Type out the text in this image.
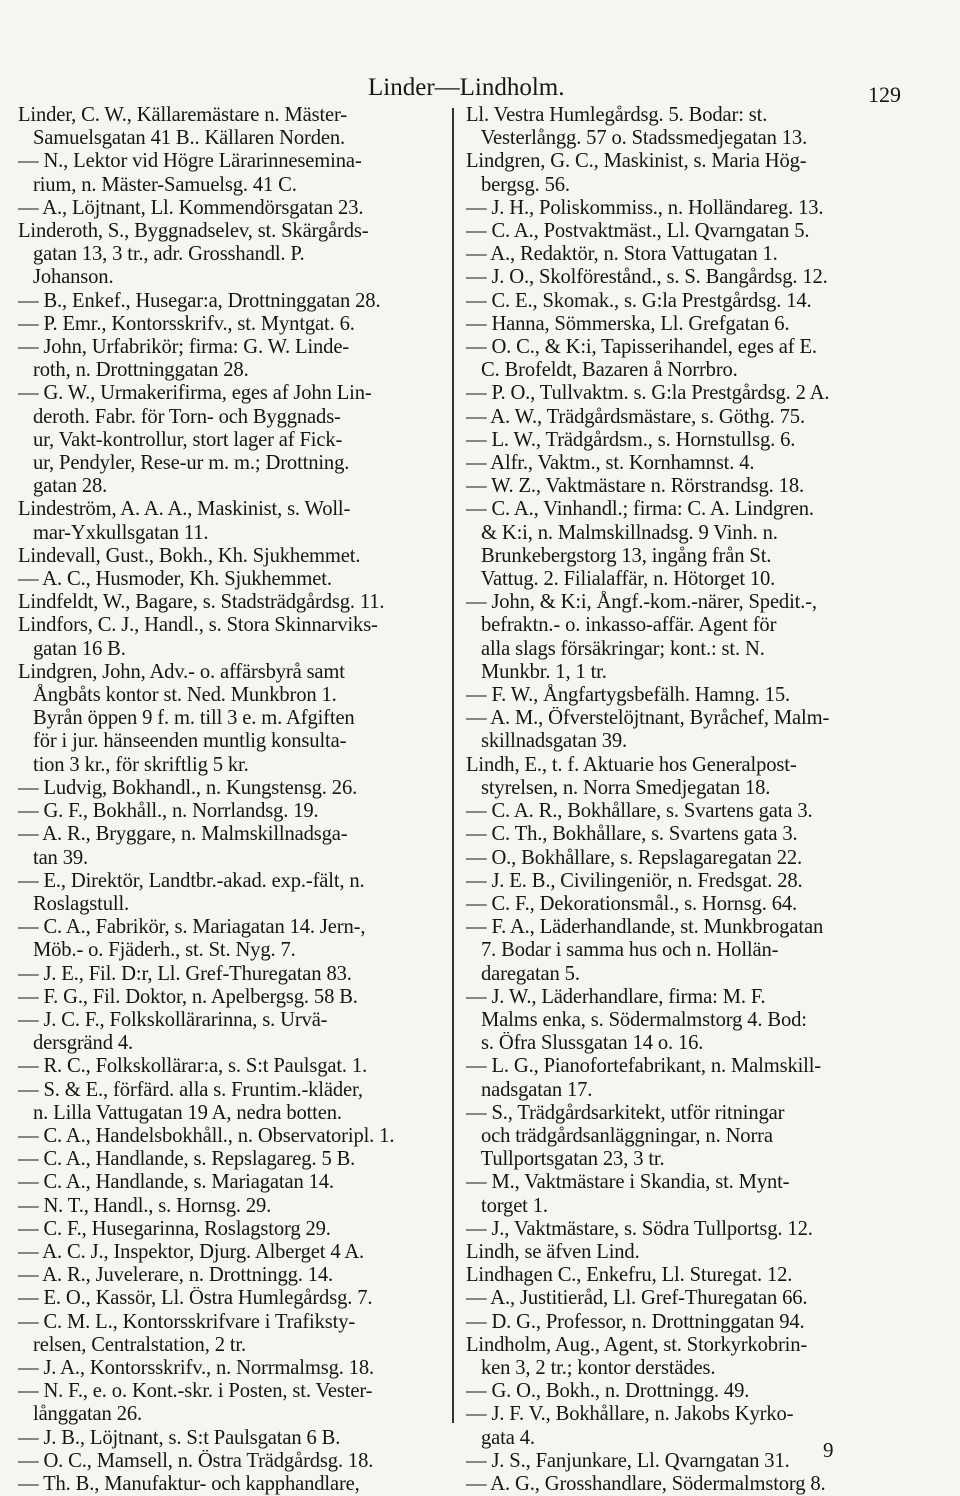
Linder—Lindholm.	129
Linder, C. W., Källaremästare n. Mäster-
Samuelsgatan 41 B.. Källaren Norden.
— N., Lektor vid Högre Lärarinnesemina-
rium, n. Mäster-Samuelsg. 41 C.
— A., Löjtnant, Ll. Kommendörsgatan 23.
Linderoth, S., Byggnadselev, st. Skärgårds-
gatan 13, 3 tr., adr. Grosshandl. P.
Johanson.
— B., Enkef., Husegar:a, Drottninggatan 28.
— P. Emr., Kontorsskrifv., st. Myntgat. 6.
— John, Urfabrikör; firma: G. W. Linde-
roth, n. Drottninggatan 28.
— G. W., Urmakerifirma, eges af John Lin-
deroth. Fabr. för Torn- och Byggnads-
ur, Vakt-kontrollur, stort lager af Fick-
ur, Pendyler, Rese-ur m. m.; Drottning.
gatan 28.
Lindeström, A. A. A., Maskinist, s. Woll-
mar-Yxkullsgatan 11.
Lindevall, Gust., Bokh., Kh. Sjukhemmet.
— A. C., Husmoder, Kh. Sjukhemmet.
Lindfeldt, W., Bagare, s. Stadsträdgårdsg. 11.
Lindfors, C. J., Handl., s. Stora Skinnarviks-
gatan 16 B.
Lindgren, John, Adv.- o. affärsbyrå samt
Ångbåts kontor st. Ned. Munkbron 1.
Byrån öppen 9 f. m. till 3 e. m. Afgiften
för i jur. hänseenden muntlig konsulta-
tion 3 kr., för skriftlig 5 kr.
— Ludvig, Bokhandl., n. Kungstensg. 26.
— G. F., Bokhåll., n. Norrlandsg. 19.
— A. R., Bryggare, n. Malmskillnadsga-
tan 39.
— E., Direktör, Landtbr.-akad. exp.-fält, n.
Roslagstull.
— C. A., Fabrikör, s. Mariagatan 14. Jern-,
Möb.- o. Fjäderh., st. St. Nyg. 7.
— J. E., Fil. D:r, Ll. Gref-Thuregatan 83.
— F. G., Fil. Doktor, n. Apelbergsg. 58 B.
— J. C. F., Folkskollärarinna, s. Urvä-
dersgränd 4.
— R. C., Folkskollärar:a, s. S:t Paulsgat. 1.
— S. & E., förfärd. alla s. Fruntim.-kläder,
n. Lilla Vattugatan 19 A, nedra botten.
— C. A., Handelsbokhåll., n. Observatoripl. 1.
— C. A., Handlande, s. Repslagareg. 5 B.
— C. A., Handlande, s. Mariagatan 14.
— N. T., Handl., s. Hornsg. 29.
— C. F., Husegarinna, Roslagstorg 29.
— A. C. J., Inspektor, Djurg. Alberget 4 A.
— A. R., Juvelerare, n. Drottningg. 14.
— E. O., Kassör, Ll. Östra Humlegårdsg. 7.
— C. M. L., Kontorsskrifvare i Trafiksty-
relsen, Centralstation, 2 tr.
— J. A., Kontorsskrifv., n. Norrmalmsg. 18.
— N. F., e. o. Kont.-skr. i Posten, st. Vester-
långgatan 26.
— J. B., Löjtnant, s. S:t Paulsgatan 6 B.
— O. C., Mamsell, n. Östra Trädgårdsg. 18.
— Th. B., Manufaktur- och kapphandlare,
Ll. Vestra Humlegårdsg. 5. Bodar: st.
Vesterlångg. 57 o. Stadssmedjegatan 13.
Lindgren, G. C., Maskinist, s. Maria Hög-
bergsg. 56.
— J. H., Poliskommiss., n. Holländareg. 13.
— C. A., Postvaktmäst., Ll. Qvarngatan 5.
— A., Redaktör, n. Stora Vattugatan 1.
— J. O., Skolförestånd., s. S. Bangårdsg. 12.
— C. E., Skomak., s. G:la Prestgårdsg. 14.
— Hanna, Sömmerska, Ll. Grefgatan 6.
— O. C., & K:i, Tapisserihandel, eges af E.
C. Brofeldt, Bazaren å Norrbro.
— P. O., Tullvaktm. s. G:la Prestgårdsg. 2 A.
— A. W., Trädgårdsmästare, s. Göthg. 75.
— L. W., Trädgårdsm., s. Hornstullsg. 6.
— Alfr., Vaktm., st. Kornhamnst. 4.
— W. Z., Vaktmästare n. Rörstrandsg. 18.
— C. A., Vinhandl.; firma: C. A. Lindgren.
& K:i, n. Malmskillnadsg. 9 Vinh. n.
Brunkebergstorg 13, ingång från St.
Vattug. 2. Filialaffär, n. Hötorget 10.
— John, & K:i, Ångf.-kom.-närer, Spedit.-,
befraktn.- o. inkasso-affär. Agent för
alla slags försäkringar; kont.: st. N.
Munkbr. 1, 1 tr.
— F. W., Ångfartygsbefälh. Hamng. 15.
— A. M., Öfverstelöjtnant, Byråchef, Malm-
skillnadsgatan 39.
Lindh, E., t. f. Aktuarie hos Generalpost-
styrelsen, n. Norra Smedjegatan 18.
— C. A. R., Bokhållare, s. Svartens gata 3.
— C. Th., Bokhållare, s. Svartens gata 3.
— O., Bokhållare, s. Repslagaregatan 22.
— J. E. B., Civilingeniör, n. Fredsgat. 28.
— C. F., Dekorationsmål., s. Hornsg. 64.
— F. A., Läderhandlande, st. Munkbrogatan
7. Bodar i samma hus och n. Hollän-
daregatan 5.
— J. W., Läderhandlare, firma: M. F.
Malms enka, s. Södermalmstorg 4. Bod:
s. Öfra Slussgatan 14 o. 16.
— L. G., Pianofortefabrikant, n. Malmskill-
nadsgatan 17.
— S., Trädgårdsarkitekt, utför ritningar
och trädgårdsanläggningar, n. Norra
Tullportsgatan 23, 3 tr.
— M., Vaktmästare i Skandia, st. Mynt-
torget 1.
— J., Vaktmästare, s. Södra Tullportsg. 12.
Lindh, se äfven Lind.
Lindhagen C., Enkefru, Ll. Sturegat. 12.
— A., Justitieråd, Ll. Gref-Thuregatan 66.
— D. G., Professor, n. Drottninggatan 94.
Lindholm, Aug., Agent, st. Storkyrkobrin-
ken 3, 2 tr.; kontor derstädes.
— G. O., Bokh., n. Drottningg. 49.
— J. F. V., Bokhållare, n. Jakobs Kyrko-
gata 4.
— J. S., Fanjunkare, Ll. Qvarngatan 31.
— A. G., Grosshandlare, Södermalmstorg 8.
9
